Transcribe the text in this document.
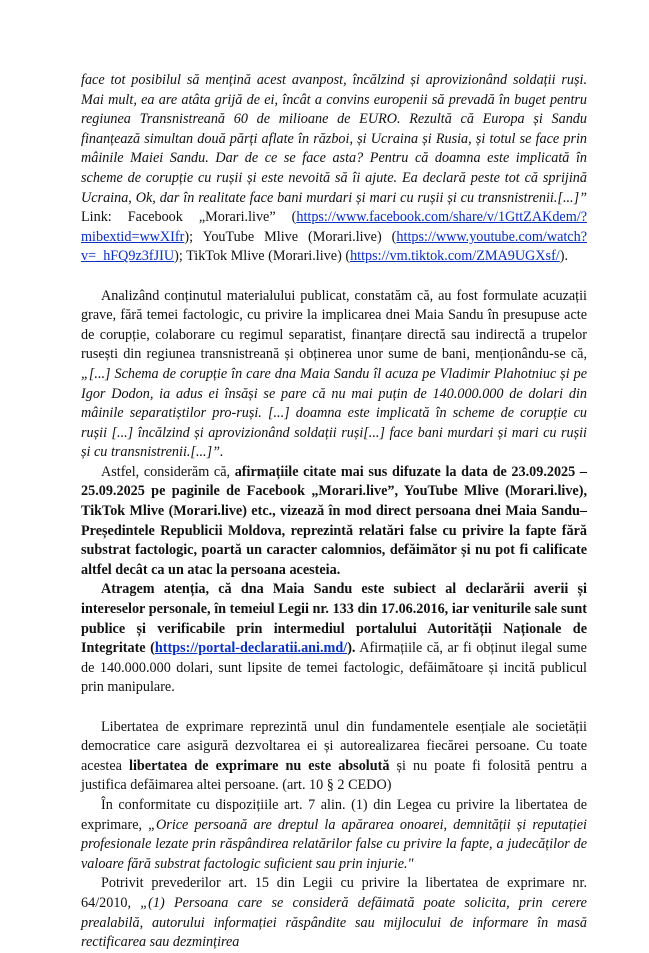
face tot posibilul să mențină acest avanpost, încălzind și aprovizionând soldații ruși. Mai mult, ea are atâta grijă de ei, încât a convins europenii să prevadă în buget pentru regiunea Transnistreană 60 de milioane de EURO. Rezultă că Europa și Sandu finanțează simultan două părți aflate în război, și Ucraina și Rusia, și totul se face prin mâinile Maiei Sandu. Dar de ce se face asta? Pentru că doamna este implicată în scheme de corupție cu rușii și este nevoită să îi ajute. Ea declară peste tot că sprijină Ucraina, Ok, dar în realitate face bani murdari și mari cu rușii și cu transnistrenii.[...]” Link: Facebook „Morari.live” (https://www.facebook.com/share/v/1GttZAKdem/?mibextid=wwXIfr); YouTube Mlive (Morari.live) (https://www.youtube.com/watch?v=_hFQ9z3fJIU); TikTok Mlive (Morari.live) (https://vm.tiktok.com/ZMA9UGXsf/).

Analizând conținutul materialului publicat, constatăm că, au fost formulate acuzații grave, fără temei factologic, cu privire la implicarea dnei Maia Sandu în presupuse acte de corupție, colaborare cu regimul separatist, finanțare directă sau indirectă a trupelor rusești din regiunea transnistreană și obținerea unor sume de bani, menționându-se că, „[...] Schema de corupție în care dna Maia Sandu îl acuza pe Vladimir Plahotniuc și pe Igor Dodon, ia adus ei însăși se pare că nu mai puțin de 140.000.000 de dolari din mâinile separatiștilor pro-ruși. [...] doamna este implicată în scheme de corupție cu rușii [...] încălzind și aprovizionând soldații ruși[...] face bani murdari și mari cu rușii și cu transnistrenii.[...]”.

Astfel, considerăm că, afirmațiile citate mai sus difuzate la data de 23.09.2025 – 25.09.2025 pe paginile de Facebook „Morari.live”, YouTube Mlive (Morari.live), TikTok Mlive (Morari.live) etc., vizează în mod direct persoana dnei Maia Sandu– Președintele Republicii Moldova, reprezintă relatări false cu privire la fapte fără substrat factologic, poartă un caracter calomnios, defăimător și nu pot fi calificate altfel decât ca un atac la persoana acesteia.

Atragem atenția, că dna Maia Sandu este subiect al declarării averii și intereselor personale, în temeiul Legii nr. 133 din 17.06.2016, iar veniturile sale sunt publice și verificabile prin intermediul portalului Autorității Naționale de Integritate (https://portal-declaratii.ani.md/). Afirmațiile că, ar fi obținut ilegal sume de 140.000.000 dolari, sunt lipsite de temei factologic, defăimătoare și incită publicul prin manipulare.

Libertatea de exprimare reprezintă unul din fundamentele esențiale ale societății democratice care asigură dezvoltarea ei și autorealizarea fiecărei persoane. Cu toate acestea libertatea de exprimare nu este absolută și nu poate fi folosită pentru a justifica defăimarea altei persoane. (art. 10 § 2 CEDO)

În conformitate cu dispozițiile art. 7 alin. (1) din Legea cu privire la libertatea de exprimare, „Orice persoană are dreptul la apărarea onoarei, demnității și reputației profesionale lezate prin răspândirea relatărilor false cu privire la fapte, a judecăților de valoare fără substrat factologic suficient sau prin injurie."

Potrivit prevederilor art. 15 din Legii cu privire la libertatea de exprimare nr. 64/2010, „(1) Persoana care se consideră defăimată poate solicita, prin cerere prealabilă, autorului informației răspândite sau mijlocului de informare în masă rectificarea sau dezmințirea
